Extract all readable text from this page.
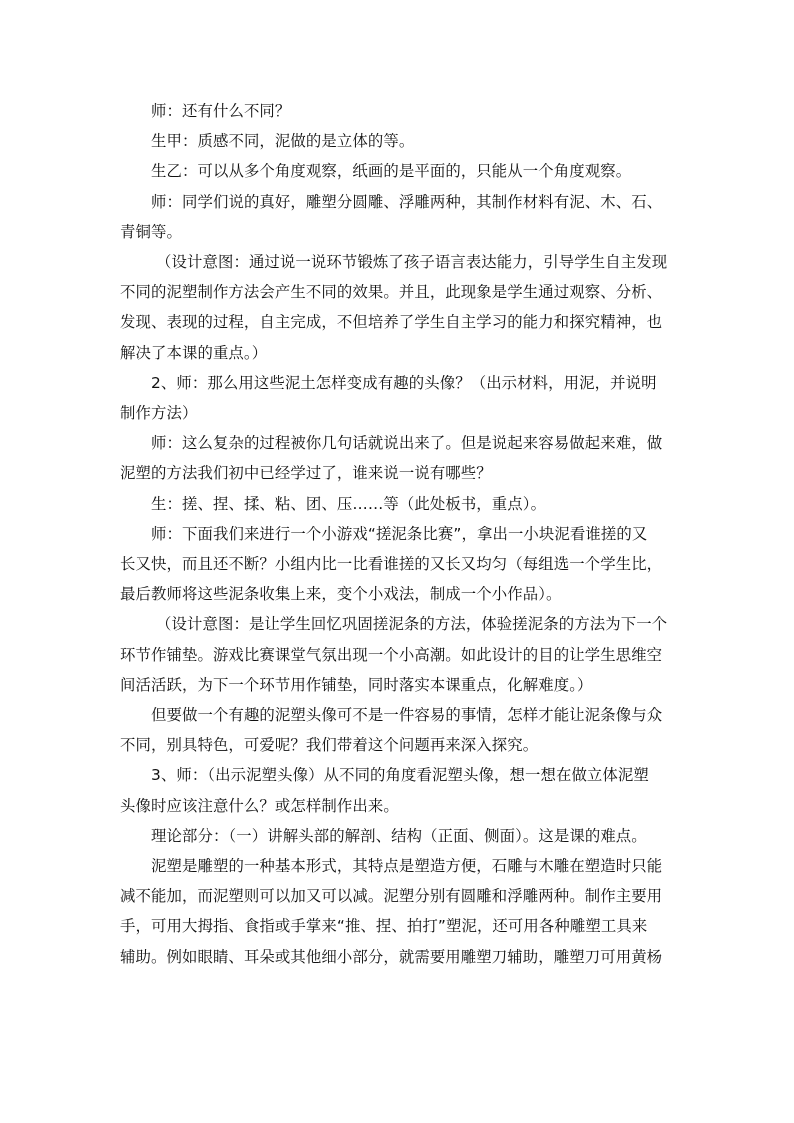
师：还有什么不同？

生甲：质感不同，泥做的是立体的等。

生乙：可以从多个角度观察，纸画的是平面的，只能从一个角度观察。

师：同学们说的真好，雕塑分圆雕、浮雕两种，其制作材料有泥、木、石、
青铜等。

（设计意图：通过说一说环节锻炼了孩子语言表达能力，引导学生自主发现
不同的泥塑制作方法会产生不同的效果。并且，此现象是学生通过观察、分析、
发现、表现的过程，自主完成，不但培养了学生自主学习的能力和探究精神，也
解决了本课的重点。）

2、师：那么用这些泥土怎样变成有趣的头像？（出示材料，用泥，并说明
制作方法）

师：这么复杂的过程被你几句话就说出来了。但是说起来容易做起来难，做
泥塑的方法我们初中已经学过了，谁来说一说有哪些？

生：搓、捏、揉、粘、团、压……等（此处板书，重点）。

师：下面我们来进行一个小游戏“搓泥条比赛”，拿出一小块泥看谁搓的又
长又快，而且还不断？小组内比一比看谁搓的又长又均匀（每组选一个学生比，
最后教师将这些泥条收集上来，变个小戏法，制成一个小作品）。

（设计意图：是让学生回忆巩固搓泥条的方法，体验搓泥条的方法为下一个
环节作铺垫。游戏比赛课堂气氛出现一个小高潮。如此设计的目的让学生思维空
间活活跃，为下一个环节用作铺垫，同时落实本课重点，化解难度。）

但要做一个有趣的泥塑头像可不是一件容易的事情，怎样才能让泥条像与众
不同，别具特色，可爱呢？我们带着这个问题再来深入探究。

3、师：（出示泥塑头像）从不同的角度看泥塑头像，想一想在做立体泥塑
头像时应该注意什么？或怎样制作出来。

理论部分：（一）讲解头部的解剖、结构（正面、侧面）。这是课的难点。

泥塑是雕塑的一种基本形式，其特点是塑造方便，石雕与木雕在塑造时只能
减不能加，而泥塑则可以加又可以减。泥塑分别有圆雕和浮雕两种。制作主要用
手，可用大拇指、食指或手掌来“推、捏、拍打”塑泥，还可用各种雕塑工具来
辅助。例如眼睛、耳朵或其他细小部分，就需要用雕塑刀辅助，雕塑刀可用黄杨
